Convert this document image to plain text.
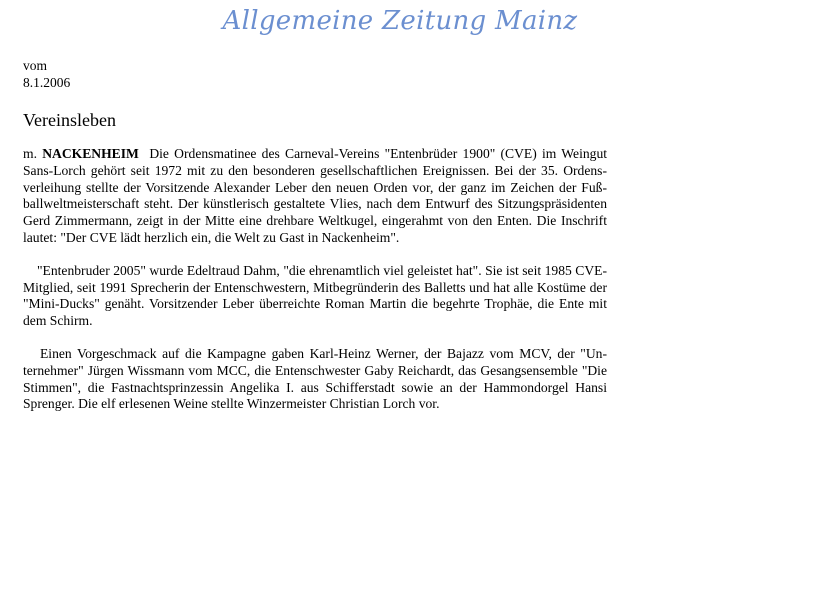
Allgemeine Zeitung Mainz
vom
8.1.2006
Vereinsleben

m. NACKENHEIM Die Ordensmatinee des Carneval-Vereins "Entenbrüder 1900" (CVE) im Weingut Sans-Lorch gehört seit 1972 mit zu den besonderen gesellschaftlichen Ereignissen. Bei der 35. Ordensverleihung stellte der Vorsitzende Alexander Leber den neuen Orden vor, der ganz im Zeichen der Fußballweltmeisterschaft steht. Der künstlerisch gestaltete Vlies, nach dem Entwurf des Sitzungspräsidenten Gerd Zimmermann, zeigt in der Mitte eine drehbare Weltkugel, eingerahmt von den Enten. Die Inschrift lautet: "Der CVE lädt herzlich ein, die Welt zu Gast in Nackenheim".

"Entenbruder 2005" wurde Edeltraud Dahm, "die ehrenamtlich viel geleistet hat". Sie ist seit 1985 CVE-Mitglied, seit 1991 Sprecherin der Entenschwestern, Mitbegründerin des Balletts und hat alle Kostüme der "Mini-Ducks" genäht. Vorsitzender Leber überreichte Roman Martin die begehrte Trophäe, die Ente mit dem Schirm.

Einen Vorgeschmack auf die Kampagne gaben Karl-Heinz Werner, der Bajazz vom MCV, der "Unternehmer" Jürgen Wissmann vom MCC, die Entenschwester Gaby Reichardt, das Gesangsensemble "Die Stimmen", die Fastnachtsprinzessin Angelika I. aus Schifferstadt sowie an der Hammondorgel Hansi Sprenger. Die elf erlesenen Weine stellte Winzermeister Christian Lorch vor.
